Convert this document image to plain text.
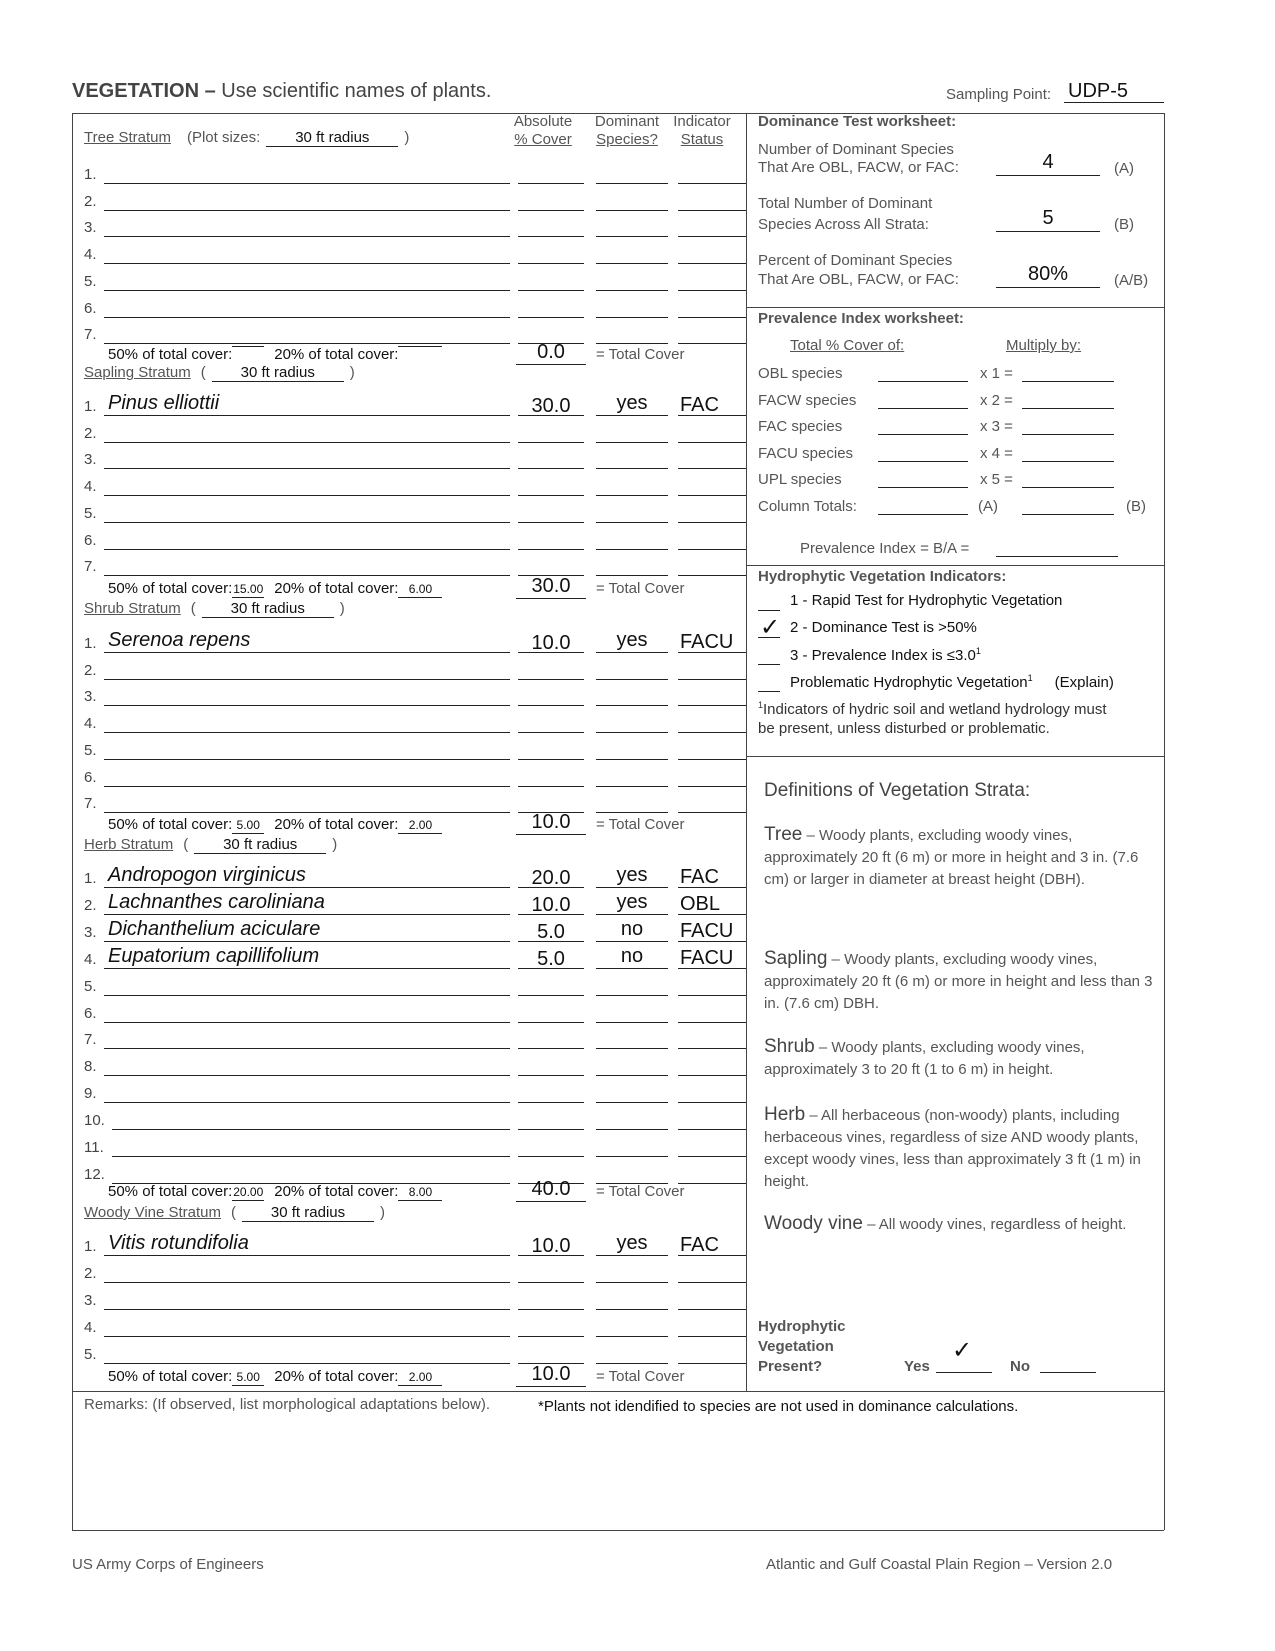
VEGETATION – Use scientific names of plants.	Sampling Point: UDP-5
Absolute
% Cover
Dominant
Species?
Indicator
Status
Tree Stratum (Plot sizes: 30 ft radius )
1.
2.
3.
4.
5.
6.
7.
50% of total cover:	20% of total cover:	0.0	= Total Cover
Sapling Stratum ( 30 ft radius )
1. Pinus elliottii	30.0	yes	FAC
2.
3.
4.
5.
6.
7.
50% of total cover:15.00 20% of total cover: 6.00	30.0	= Total Cover
Shrub Stratum ( 30 ft radius )
1. Serenoa repens	10.0	yes	FACU
2.
3.
4.
5.
6.
7.
50% of total cover: 5.00 20% of total cover: 2.00	10.0	= Total Cover
Herb Stratum ( 30 ft radius )
1. Andropogon virginicus	20.0	yes	FAC
2. Lachnanthes caroliniana	10.0	yes	OBL
3. Dichanthelium aciculare	5.0	no	FACU
4. Eupatorium capillifolium	5.0	no	FACU
5.
6.
7.
8.
9.
10.
11.
12.
50% of total cover:20.00 20% of total cover: 8.00	40.0	= Total Cover
Woody Vine Stratum ( 30 ft radius )
1. Vitis rotundifolia	10.0	yes	FAC
2.
3.
4.
5.
50% of total cover: 5.00 20% of total cover: 2.00	10.0	= Total Cover
Dominance Test worksheet:
Number of Dominant Species
That Are OBL, FACW, or FAC:	4	(A)
Total Number of Dominant
Species Across All Strata:	5	(B)
Percent of Dominant Species
That Are OBL, FACW, or FAC:	80%	(A/B)
Prevalence Index worksheet:
Total % Cover of:	Multiply by:
OBL species	x 1 =
FACW species	x 2 =
FAC species	x 3 =
FACU species	x 4 =
UPL species	x 5 =
Column Totals:	(A)	(B)
Prevalence Index = B/A =
Hydrophytic Vegetation Indicators:
1 - Rapid Test for Hydrophytic Vegetation
✓ 2 - Dominance Test is >50%
3 - Prevalence Index is $\le 3.0^1$
Problematic Hydrophytic Vegetation$^1$ (Explain)
$^1$Indicators of hydric soil and wetland hydrology must
be present, unless disturbed or problematic.
Definitions of Vegetation Strata:
Tree – Woody plants, excluding woody vines, approximately 20 ft (6 m) or more in height and 3 in. (7.6 cm) or larger in diameter at breast height (DBH).
Sapling – Woody plants, excluding woody vines, approximately 20 ft (6 m) or more in height and less than 3 in. (7.6 cm) DBH.
Shrub – Woody plants, excluding woody vines, approximately 3 to 20 ft (1 to 6 m) in height.
Herb – All herbaceous (non-woody) plants, including herbaceous vines, regardless of size AND woody plants, except woody vines, less than approximately 3 ft (1 m) in height.
Woody vine – All woody vines, regardless of height.
Hydrophytic
Vegetation
Present?	Yes
✓
No
Remarks: (If observed, list morphological adaptations below).	*Plants not idendified to species are not used in dominance calculations.
US Army Corps of Engineers	Atlantic and Gulf Coastal Plain Region – Version 2.0
